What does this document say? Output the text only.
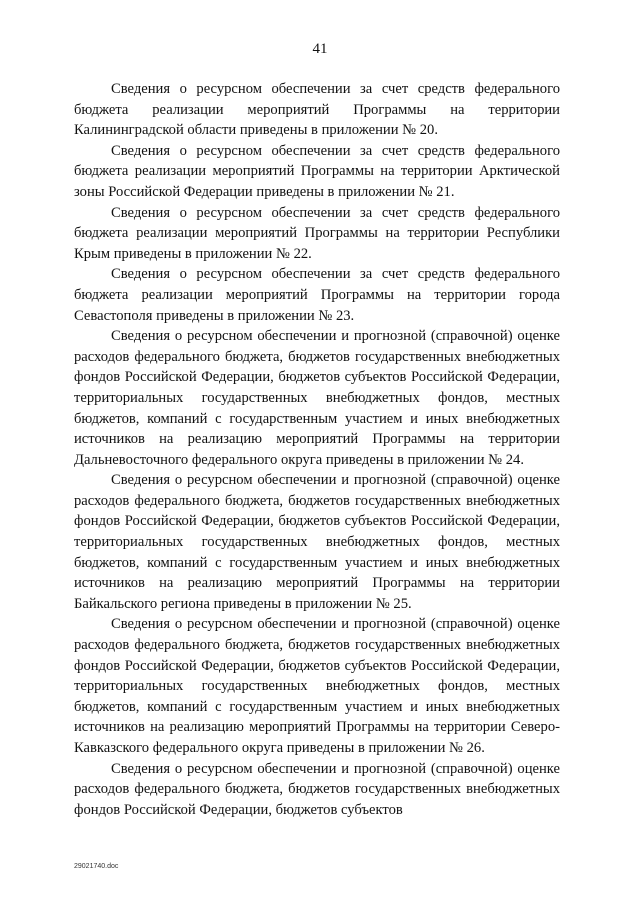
41

Сведения о ресурсном обеспечении за счет средств федерального бюджета реализации мероприятий Программы на территории Калининградской области приведены в приложении № 20.

Сведения о ресурсном обеспечении за счет средств федерального бюджета реализации мероприятий Программы на территории Арктической зоны Российской Федерации приведены в приложении № 21.

Сведения о ресурсном обеспечении за счет средств федерального бюджета реализации мероприятий Программы на территории Республики Крым приведены в приложении № 22.

Сведения о ресурсном обеспечении за счет средств федерального бюджета реализации мероприятий Программы на территории города Севастополя приведены в приложении № 23.

Сведения о ресурсном обеспечении и прогнозной (справочной) оценке расходов федерального бюджета, бюджетов государственных внебюджетных фондов Российской Федерации, бюджетов субъектов Российской Федерации, территориальных государственных внебюджетных фондов, местных бюджетов, компаний с государственным участием и иных внебюджетных источников на реализацию мероприятий Программы на территории Дальневосточного федерального округа приведены в приложении № 24.

Сведения о ресурсном обеспечении и прогнозной (справочной) оценке расходов федерального бюджета, бюджетов государственных внебюджетных фондов Российской Федерации, бюджетов субъектов Российской Федерации, территориальных государственных внебюджетных фондов, местных бюджетов, компаний с государственным участием и иных внебюджетных источников на реализацию мероприятий Программы на территории Байкальского региона приведены в приложении № 25.

Сведения о ресурсном обеспечении и прогнозной (справочной) оценке расходов федерального бюджета, бюджетов государственных внебюджетных фондов Российской Федерации, бюджетов субъектов Российской Федерации, территориальных государственных внебюджетных фондов, местных бюджетов, компаний с государственным участием и иных внебюджетных источников на реализацию мероприятий Программы на территории Северо-Кавказского федерального округа приведены в приложении № 26.

Сведения о ресурсном обеспечении и прогнозной (справочной) оценке расходов федерального бюджета, бюджетов государственных внебюджетных фондов Российской Федерации, бюджетов субъектов

29021740.doc
